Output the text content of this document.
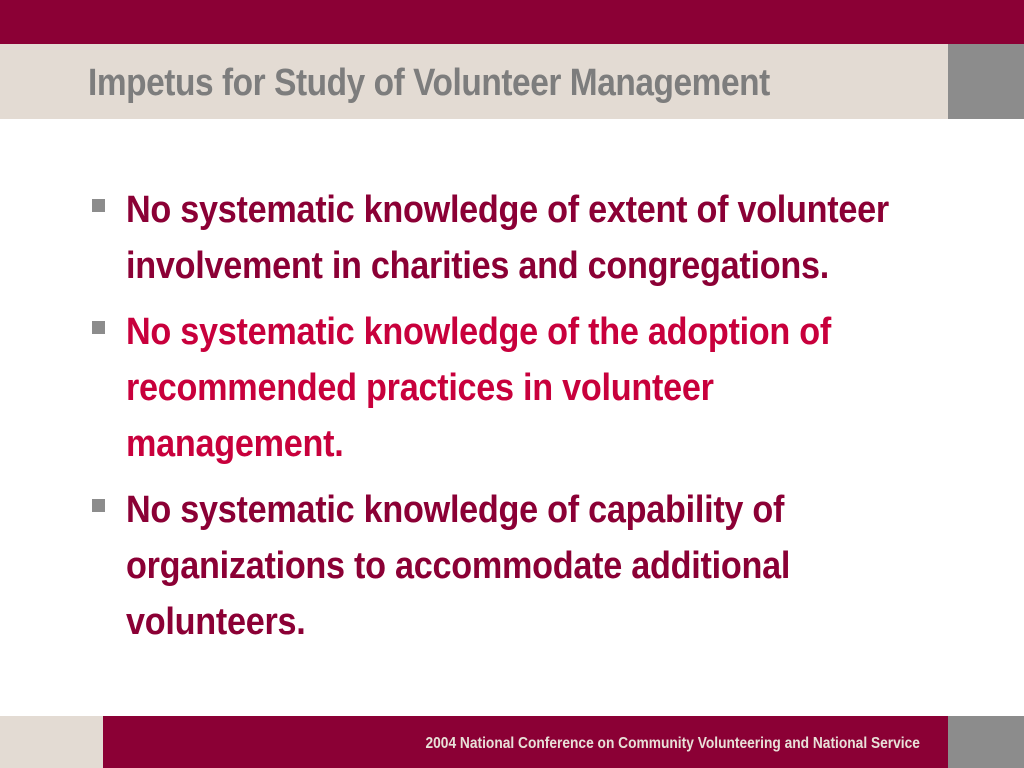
Impetus for Study of Volunteer Management
No systematic knowledge of extent of volunteer involvement in charities and congregations.
No systematic knowledge of the adoption of recommended practices in volunteer management.
No systematic knowledge of capability of organizations to accommodate additional volunteers.

2004 National Conference on Community Volunteering and National Service
